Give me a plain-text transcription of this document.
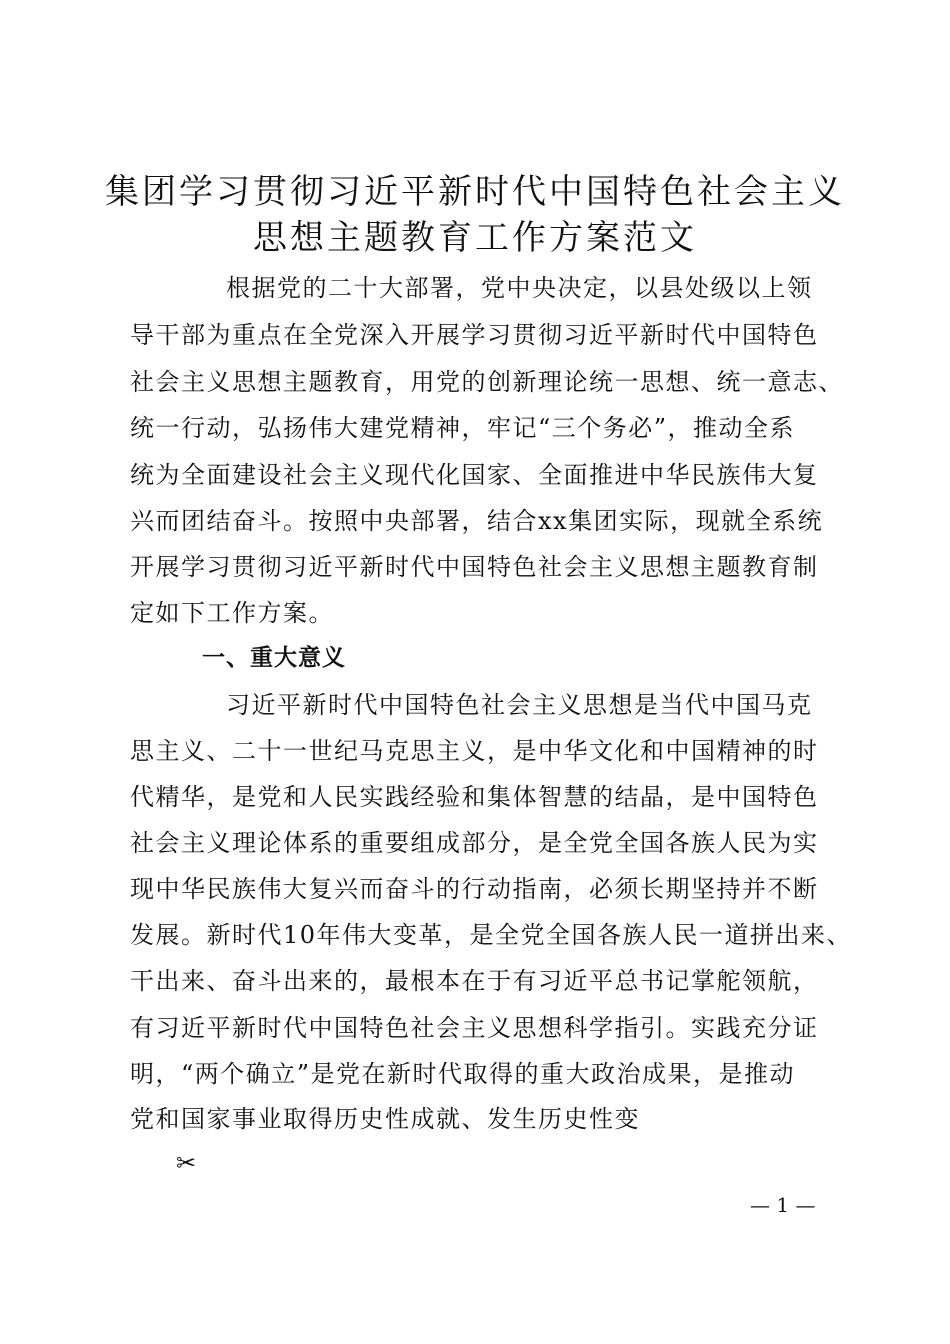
集团学习贯彻习近平新时代中国特色社会主义
思想主题教育工作方案范文
根据党的二十大部署，党中央决定，以县处级以上领
导干部为重点在全党深入开展学习贯彻习近平新时代中国特色
社会主义思想主题教育，用党的创新理论统一思想、统一意志、
统一行动，弘扬伟大建党精神，牢记“三个务必”，推动全系
统为全面建设社会主义现代化国家、全面推进中华民族伟大复
兴而团结奋斗。按照中央部署，结合xx集团实际，现就全系统
开展学习贯彻习近平新时代中国特色社会主义思想主题教育制
定如下工作方案。
一、重大意义
习近平新时代中国特色社会主义思想是当代中国马克
思主义、二十一世纪马克思主义，是中华文化和中国精神的时
代精华，是党和人民实践经验和集体智慧的结晶，是中国特色
社会主义理论体系的重要组成部分，是全党全国各族人民为实
现中华民族伟大复兴而奋斗的行动指南，必须长期坚持并不断
发展。新时代10年伟大变革，是全党全国各族人民一道拼出来、
干出来、奋斗出来的，最根本在于有习近平总书记掌舵领航，
有习近平新时代中国特色社会主义思想科学指引。实践充分证
明，“两个确立”是党在新时代取得的重大政治成果，是推动
党和国家事业取得历史性成就、发生历史性变
✂
— 1 —
